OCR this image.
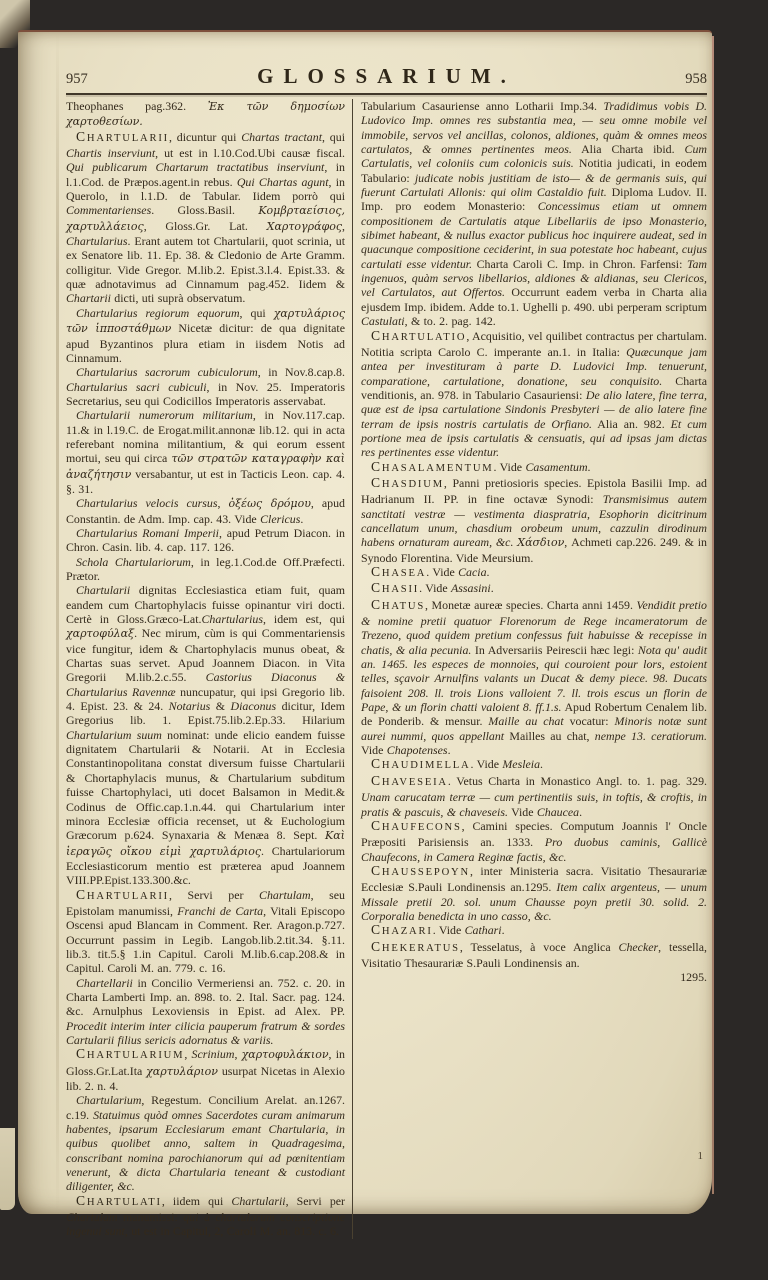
957	GLOSSARIUM.	958

Theophanes pag.362. Ἐκ τῶν δημοσίων χαρτοθεσίων.

CHARTULARII, dicuntur qui Chartas tractant, qui Chartis inserviunt, ut est in l.10.Cod.Ubi causæ fiscal. Qui publicarum Chartarum tractatibus inserviunt, in l.1.Cod. de Præpos.agent.in rebus. Qui Chartas agunt, in Querolo, in l.1.D. de Tabular. Iidem porrò qui Commentarienses. Gloss.Basil. Κομβρταείσιος, χαρτυλλάειος, Gloss.Gr. Lat. Χαρτογράφος, Chartularius. Erant autem tot Chartularii, quot scrinia, ut ex Senatore lib. 11. Ep. 38. & Cledonio de Arte Gramm. colligitur. Vide Gregor. M.lib.2. Epist.3.l.4. Epist.33. & quæ adnotavimus ad Cinnamum pag.452. Iidem & Chartarii dicti, uti suprà observatum.

Chartularius regiorum equorum, qui χαρτυλάριος τῶν ἱπποστάθμων Nicetæ dicitur: de qua dignitate apud Byzantinos plura etiam in iisdem Notis ad Cinnamum.

Chartularius sacrorum cubiculorum, in Nov.8.cap.8. Chartularius sacri cubiculi, in Nov. 25. Imperatoris Secretarius, seu qui Codicillos Imperatoris asservabat.

Chartularii numerorum militarium, in Nov.117.cap. 11.& in l.19.C. de Erogat.milit.annonæ lib.12. qui in acta referebant nomina militantium, & qui eorum essent mortui, seu qui circa τῶν στρατῶν καταγραφὴν καὶ ἀναζήτησιν versabantur, ut est in Tacticis Leon. cap. 4. §. 31.

Chartularius velocis cursus, ὀξέως δρόμου, apud Constantin. de Adm. Imp. cap. 43. Vide Clericus.

Chartularius Romani Imperii, apud Petrum Diacon. in Chron. Casin. lib. 4. cap. 117. 126.

Schola Chartulariorum, in leg.1.Cod.de Off.Præfecti. Prætor.

Chartularii dignitas Ecclesiastica etiam fuit, quam eandem cum Chartophylacis fuisse opinantur viri docti. Certè in Gloss.Græco-Lat.Chartularius, idem est, qui χαρτοφύλαξ. Nec mirum, cùm is qui Commentariensis vice fungitur, idem & Chartophylacis munus obeat, & Chartas suas servet. Apud Joannem Diacon. in Vita Gregorii M.lib.2.c.55. Castorius Diaconus & Chartularius Ravennæ nuncupatur, qui ipsi Gregorio lib. 4. Epist. 23. & 24. Notarius & Diaconus dicitur, Idem Gregorius lib. 1. Epist.75.lib.2.Ep.33. Hilarium Chartularium suum nominat: unde elicio eandem fuisse dignitatem Chartularii & Notarii. At in Ecclesia Constantinopolitana constat diversum fuisse Chartularii & Chortaphylacis munus, & Chartularium subditum fuisse Chartophylaci, uti docet Balsamon in Medit.& Codinus de Offic.cap.1.n.44. qui Chartularium inter minora Ecclesiæ officia recenset, ut & Euchologium Græcorum p.624. Synaxaria & Menæa 8. Sept. Καὶ ἱεραγῶς οἴκου εἰμὶ χαρτυλάριος. Chartulariorum Ecclesiasticorum mentio est præterea apud Joannem VIII.PP.Epist.133.300.&c.

CHARTULARII, Servi per Chartulam, seu Epistolam manumissi, Franchi de Carta, Vitali Episcopo Oscensi apud Blancam in Comment. Rer. Aragon.p.727. Occurrunt passim in Legib. Langob.lib.2.tit.34. §.11. lib.3. tit.5.§ 1.in Capitul. Caroli M.lib.6.cap.208.& in Capitul. Caroli M. an. 779. c. 16.

Chartellarii in Concilio Vermeriensi an. 752. c. 20. in Charta Lamberti Imp. an. 898. to. 2. Ital. Sacr. pag. 124. &c. Arnulphus Lexoviensis in Epist. ad Alex. PP. Procedit interim inter cilicia pauperum fratrum & sordes Cartularii filius sericis adornatus & variis.

CHARTULARIUM, Scrinium, χαρτοφυλάκιον, in Gloss.Gr.Lat.Ita χαρτυλάριον usurpat Nicetas in Alexio lib. 2. n. 4.

Chartularium, Regestum. Concilium Arelat. an.1267. c.19. Statuimus quòd omnes Sacerdotes curam animarum habentes, ipsarum Ecclesiarum emant Chartularia, in quibus quolibet anno, saltem in Quadragesima, conscribant nomina parochianorum qui ad pœnitentiam venerunt, & dicta Chartularia teneant & custodiant diligenter, &c.

CHARTULATI, iidem qui Chartularii, Servi per Chartulam manumissi: qui à chartularum conscriptione ingenui sunt, ut est in Capitul, 2, Caroli M. an. 813. c. 6.

Tabularium Casauriense anno Lotharii Imp.34. Tradidimus vobis D. Ludovico Imp. omnes res substantia mea, — seu omne mobile vel immobile, servos vel ancillas, colonos, aldiones, quàm & omnes meos cartulatos, & omnes pertinentes meos. Alia Charta ibid. Cum Cartulatis, vel coloniis cum colonicis suis. Notitia judicati, in eodem Tabulario: judicate nobis justitiam de isto— & de germanis suis, qui fuerunt Cartulati Allonis: qui olim Castaldio fuit. Diploma Ludov. II. Imp. pro eodem Monasterio: Concessimus etiam ut omnem compositionem de Cartulatis atque Libellariis de ipso Monasterio, sibimet habeant, & nullus exactor publicus hoc inquirere audeat, sed in quacunque compositione ceciderint, in sua potestate hoc habeant, cujus cartulati esse videntur. Charta Caroli C. Imp. in Chron. Farfensi: Tam ingenuos, quàm servos libellarios, aldiones & aldianas, seu Clericos, vel Cartulatos, aut Offertos. Occurrunt eadem verba in Charta alia ejusdem Imp. ibidem. Adde to.1. Ughelli p. 490. ubi perperam scriptum Castulati, & to. 2. pag. 142.

CHARTULATIO, Acquisitio, vel quilibet contractus per chartulam. Notitia scripta Carolo C. imperante an.1. in Italia: Quæcunque jam antea per investituram à parte D. Ludovici Imp. tenuerunt, comparatione, cartulatione, donatione, seu conquisito. Charta venditionis, an. 978. in Tabulario Casauriensi: De alio latere, fine terra, quæ est de ipsa cartulatione Sindonis Presbyteri — de alio latere fine terram de ipsis nostris cartulatis de Orfiano. Alia an. 982. Et cum portione mea de ipsis cartulatis & censuatis, qui ad ipsas jam dictas res pertinentes esse videntur.

CHASALAMENTUM. Vide Casamentum.

CHASDIUM, Panni pretiosioris species. Epistola Basilii Imp. ad Hadrianum II. PP. in fine octavæ Synodi: Transmisimus autem sanctitati vestræ — vestimenta diaspratria, Esophorin dicitrinum cancellatum unum, chasdium orobeum unum, cazzulin dirodinum habens ornaturam auream, &c. Χάσδιον, Achmeti cap.226. 249. & in Synodo Florentina. Vide Meursium.

CHASEA. Vide Cacia.

CHASII. Vide Assasini.

CHATUS, Monetæ aureæ species. Charta anni 1459. Vendidit pretio & nomine pretii quatuor Florenorum de Rege incameratorum de Trezeno, quod quidem pretium confessus fuit habuisse & recepisse in chatis, & alia pecunia. In Adversariis Peirescii hæc legi: Nota qu' audit an. 1465. les especes de monnoies, qui couroient pour lors, estoient telles, sçavoir Arnulfins valants un Ducat & demy piece. 98. Ducats faisoient 208. ll. trois Lions valloient 7. ll. trois escus un florin de Pape, & un florin chatti valoient 8. ff.1.s. Apud Robertum Cenalem lib. de Ponderib. & mensur. Maille au chat vocatur: Minoris notæ sunt aurei nummi, quos appellant Mailles au chat, nempe 13. ceratiorum. Vide Chapotenses.

CHAUDIMELLA. Vide Mesleia.

CHAVESEIA. Vetus Charta in Monastico Angl. to. 1. pag. 329. Unam carucatam terræ — cum pertinentiis suis, in toftis, & croftis, in pratis & pascuis, & chaveseis. Vide Chaucea.

CHAUFECONS, Camini species. Computum Joannis l' Oncle Præpositi Parisiensis an. 1333. Pro duobus caminis, Gallicè Chaufecons, in Camera Reginæ factis, &c.

CHAUSSEPOYN, inter Ministeria sacra. Visitatio Thesaurariæ Ecclesiæ S.Pauli Londinensis an.1295. Item calix argenteus, — unum Missale pretii 20. sol. unum Chausse poyn pretii 30. solid. 2. Corporalia benedicta in uno casso, &c.

CHAZARI. Vide Cathari.

CHEKERATUS, Tesselatus, à voce Anglica Checker, tessella, Visitatio Thesaurariæ S.Pauli Londinensis an.

1295.

1
